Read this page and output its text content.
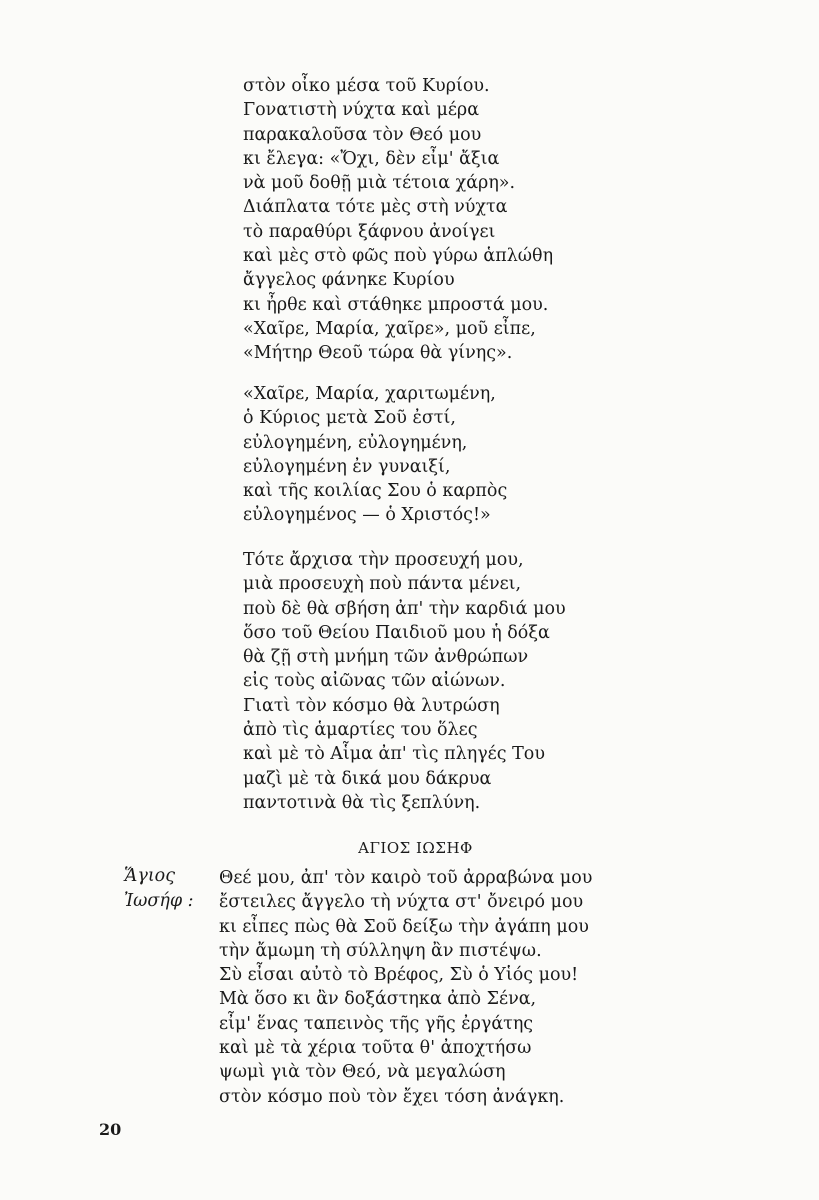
στὸν οἶκο μέσα τοῦ Κυρίου.
Γονατιστὴ νύχτα καὶ μέρα
παρακαλοῦσα τὸν Θεό μου
κι ἔλεγα: «Ὄχι, δὲν εἶμ' ἄξια
νὰ μοῦ δοθῇ μιὰ τέτοια χάρη».
Διάπλατα τότε μὲς στὴ νύχτα
τὸ παραθύρι ξάφνου ἀνοίγει
καὶ μὲς στὸ φῶς ποὺ γύρω ἁπλώθη
ἄγγελος φάνηκε Κυρίου
κι ἦρθε καὶ στάθηκε μπροστά μου.
«Χαῖρε, Μαρία, χαῖρε», μοῦ εἶπε,
«Μήτηρ Θεοῦ τώρα θὰ γίνης».
«Χαῖρε, Μαρία, χαριτωμένη,
ὁ Κύριος μετὰ Σοῦ ἐστί,
εὐλογημένη, εὐλογημένη,
εὐλογημένη ἐν γυναιξί,
καὶ τῆς κοιλίας Σου ὁ καρπὸς
εὐλογημένος — ὁ Χριστός!»
Τότε ἄρχισα τὴν προσευχή μου,
μιὰ προσευχὴ ποὺ πάντα μένει,
ποὺ δὲ θὰ σβήση ἀπ' τὴν καρδιά μου
ὅσο τοῦ Θείου Παιδιοῦ μου ἡ δόξα
θὰ ζῇ στὴ μνήμη τῶν ἀνθρώπων
εἰς τοὺς αἰῶνας τῶν αἰώνων.
Γιατὶ τὸν κόσμο θὰ λυτρώση
ἀπὸ τὶς ἁμαρτίες του ὅλες
καὶ μὲ τὸ Αἷμα ἀπ' τὶς πληγές Του
μαζὶ μὲ τὰ δικά μου δάκρυα
παντοτινὰ θὰ τὶς ξεπλύνη.
ΑΓΙΟΣ ΙΩΣΗΦ
Ἅγιος
Ἰωσήφ :
Θεέ μου, ἀπ' τὸν καιρὸ τοῦ ἀρραβώνα μου
ἔστειλες ἄγγελο τὴ νύχτα στ' ὄνειρό μου
κι εἶπες πὼς θὰ Σοῦ δείξω τὴν ἀγάπη μου
τὴν ἄμωμη τὴ σύλληψη ἂν πιστέψω.
Σὺ εἶσαι αὐτὸ τὸ Βρέφος, Σὺ ὁ Υἱός μου!
Μὰ ὅσο κι ἂν δοξάστηκα ἀπὸ Σένα,
εἶμ' ἕνας ταπεινὸς τῆς γῆς ἐργάτης
καὶ μὲ τὰ χέρια τοῦτα θ' ἀποχτήσω
ψωμὶ γιὰ τὸν Θεό, νὰ μεγαλώση
στὸν κόσμο ποὺ τὸν ἔχει τόση ἀνάγκη.
20
